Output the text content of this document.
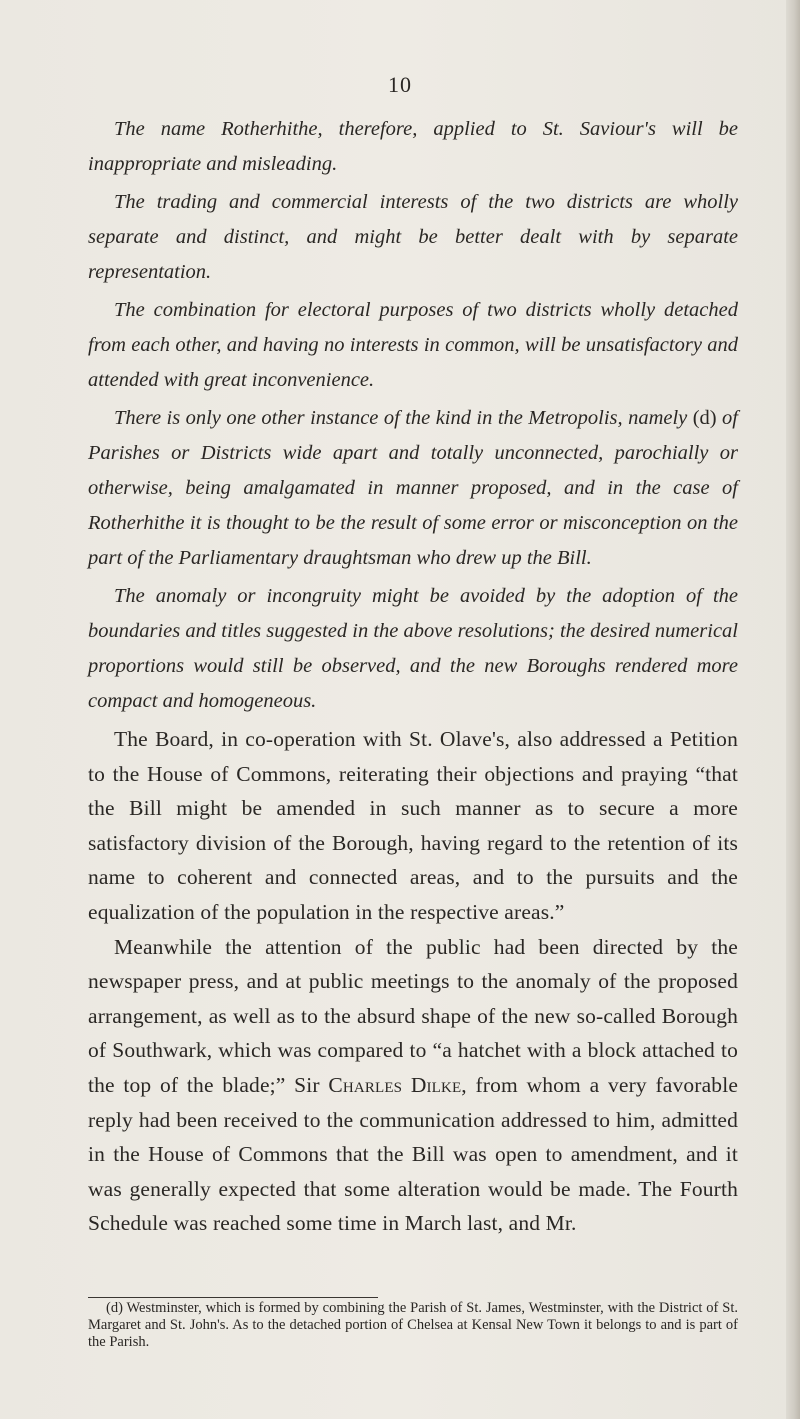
10

The name Rotherhithe, therefore, applied to St. Saviour's will be inappropriate and misleading.

The trading and commercial interests of the two districts are wholly separate and distinct, and might be better dealt with by separate representation.

The combination for electoral purposes of two districts wholly detached from each other, and having no interests in common, will be unsatisfactory and attended with great inconvenience.

There is only one other instance of the kind in the Metropolis, namely (d) of Parishes or Districts wide apart and totally unconnected, parochially or otherwise, being amalgamated in manner proposed, and in the case of Rotherhithe it is thought to be the result of some error or misconception on the part of the Parliamentary draughtsman who drew up the Bill.

The anomaly or incongruity might be avoided by the adoption of the boundaries and titles suggested in the above resolutions; the desired numerical proportions would still be observed, and the new Boroughs rendered more compact and homogeneous.

The Board, in co-operation with St. Olave's, also addressed a Petition to the House of Commons, reiterating their objections and praying “that the Bill might be amended in such manner as to secure a more satisfactory division of the Borough, having regard to the retention of its name to coherent and connected areas, and to the pursuits and the equalization of the population in the respective areas.”

Meanwhile the attention of the public had been directed by the newspaper press, and at public meetings to the anomaly of the proposed arrangement, as well as to the absurd shape of the new so-called Borough of Southwark, which was compared to “a hatchet with a block attached to the top of the blade;” Sir Charles Dilke, from whom a very favorable reply had been received to the communication addressed to him, admitted in the House of Commons that the Bill was open to amendment, and it was generally expected that some alteration would be made. The Fourth Schedule was reached some time in March last, and Mr.

(d) Westminster, which is formed by combining the Parish of St. James, Westminster, with the District of St. Margaret and St. John's. As to the detached portion of Chelsea at Kensal New Town it belongs to and is part of the Parish.
